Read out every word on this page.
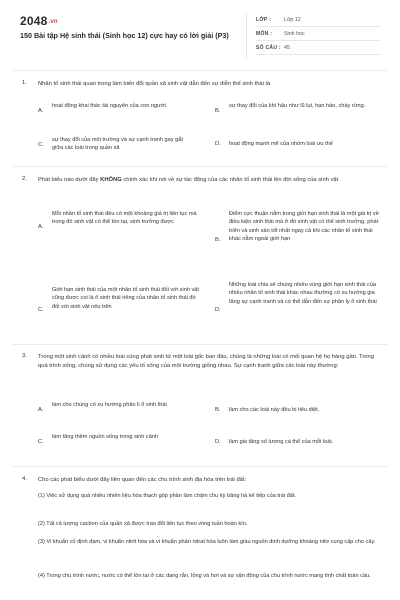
$2048^{.vn}$
150 Bài tập Hệ sinh thái (Sinh học 12) cực hay có lời giải (P3)
LỚP : Lớp 12
MÔN : Sinh học
SỐ CÂU : 45
1. Nhân tố sinh thái quan trọng làm biến đổi quần xã sinh vật dẫn đến sự diễn thế sinh thái là
A.
hoạt động khai thác tài nguyên của con người.
B.
sự thay đổi của khí hậu như lũ lụt, hạn hán, cháy rừng.
C.
sự thay đổi của môi trường và sự cạnh tranh gay gắt giữa các loài trong quần xã
D. hoạt động mạnh mẽ của nhóm loài ưu thế
2. Phát biểu nào dưới đây KHÔNG chính xác khi nói về sự tác động của các nhân tố sinh thái lên đời sống của sinh vật
A.
Mỗi nhân tố sinh thái đều có một khoảng giá trị liên tục mà trong đó sinh vật có thể tồn tại, sinh trưởng được
B.
Điểm cực thuận nằm trong giới hạn sinh thái là một giá trị về điều kiện sinh thái mà ở đó sinh vật có thể sinh trưởng, phát triển và sinh sản tốt nhất ngay cả khi các nhân tố sinh thái khác nằm ngoài giới hạn
C.
Giới hạn sinh thái của một nhân tố sinh thái đối với sinh vật cũng được coi là ổ sinh thái riêng của nhân tố sinh thái đó đối với sinh vật nêu trên
D.
Những loài chia sẻ chung nhiều vùng giới hạn sinh thái của nhiều nhân tố sinh thái khác nhau thường có xu hướng gia tăng sự cạnh tranh và có thể dẫn đến sự phân ly ổ sinh thái
3. Trong một sinh cảnh có nhiều loài cùng phát sinh từ một loài gốc ban đầu, chúng là những loài có mối quan hệ họ hàng gần. Trong quá trình sống, chúng sử dụng các yếu tố sống của môi trường giống nhau. Sự cạnh tranh giữa các loài này thường:
A.
làm cho chúng có xu hướng phân li ổ sinh thái
B. làm cho các loài này đều bị tiêu diệt.
C.
làm tăng thêm nguồn sống trong sinh cảnh
D. làm gia tăng số lượng cá thể của mỗi loài.
4. Cho các phát biểu dưới đây liên quan đến các chu trình sinh địa hóa trên trái đất:
(1) Việc sử dụng quá nhiều nhiên liệu hóa thạch góp phần làm chậm chu kỳ băng hà kế tiếp của trái đất.
(2) Tất cả lượng cacbon của quần xã được trao đổi liên tục theo vòng tuần hoàn kín.
(3) Vi khuẩn cố định đạm, vi khuẩn nitrit hóa và vi khuẩn phản nitrat hóa luôn làm giàu nguồn dinh dưỡng khoáng nitơ cung cấp cho cây.
(4) Trong chu trình nước, nước có thể tồn tại ở các dạng rắn, lỏng và hơi và sự vận động của chu trình nước mang tính chất toàn cầu.
